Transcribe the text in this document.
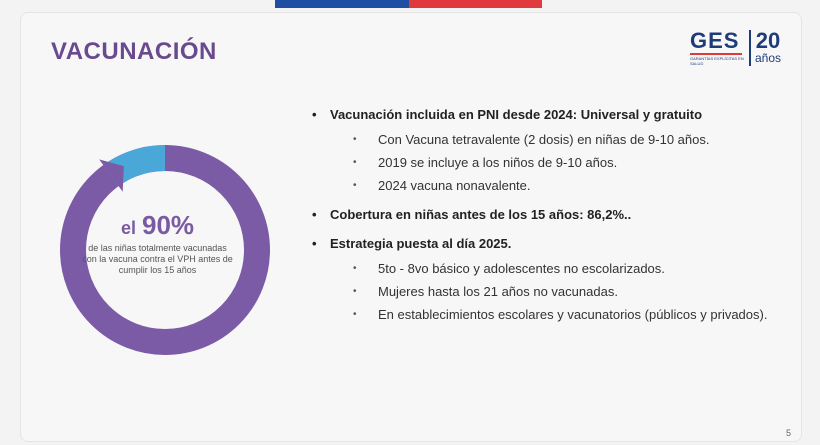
VACUNACIÓN	GES
GARANTÍAS EXPLÍCITAS EN SALUD
20
años
el 90%
de las niñas totalmente vacunadas con la vacuna contra el VPH antes de cumplir los 15 años
• Vacunación incluida en PNI desde 2024: Universal y gratuito
• Con Vacuna tetravalente (2 dosis) en niñas de 9-10 años.
• 2019 se incluye a los niños de 9-10 años.
• 2024 vacuna nonavalente.
• Cobertura en niñas antes de los 15 años: 86,2%..
• Estrategia puesta al día 2025.
• 5to - 8vo básico y adolescentes no escolarizados.
• Mujeres hasta los 21 años no vacunadas.
• En establecimientos escolares y vacunatorios (públicos y privados).
5
